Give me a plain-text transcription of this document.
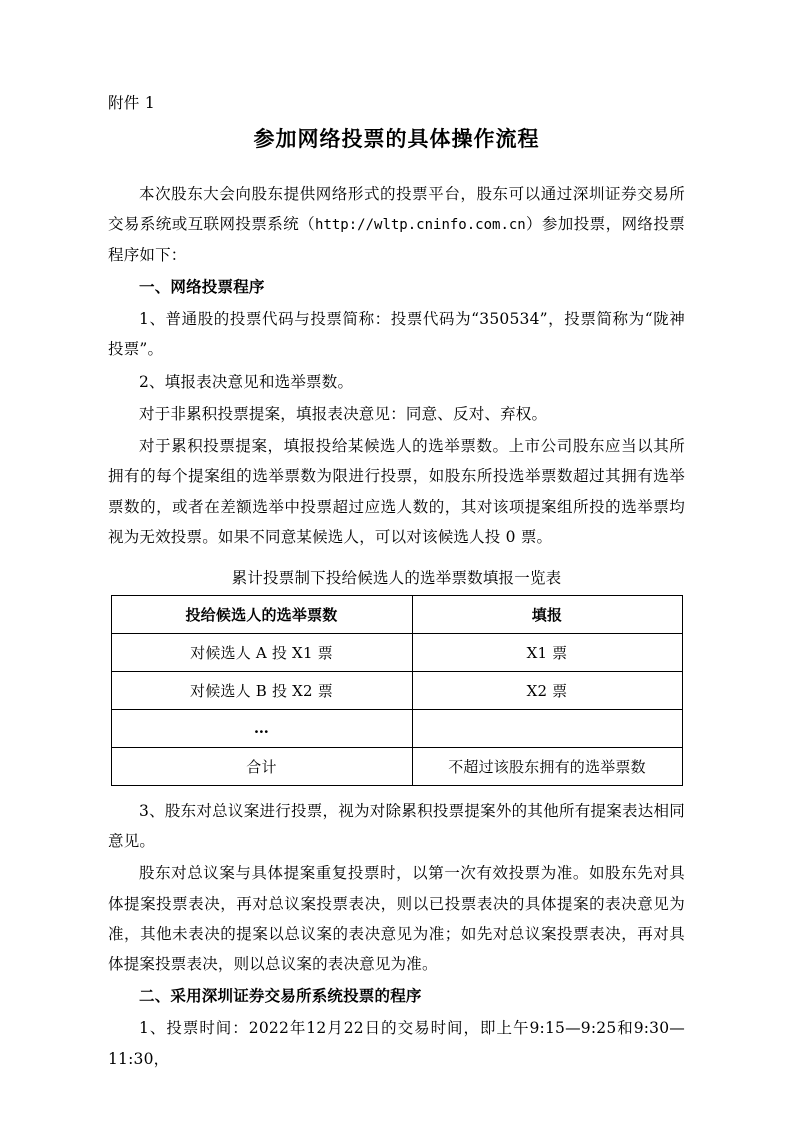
附件 1

参加网络投票的具体操作流程

本次股东大会向股东提供网络形式的投票平台，股东可以通过深圳证券交易所交易系统或互联网投票系统（http://wltp.cninfo.com.cn）参加投票，网络投票程序如下：

一、网络投票程序

1、普通股的投票代码与投票简称：投票代码为“350534”，投票简称为“陇神投票”。

2、填报表决意见和选举票数。

对于非累积投票提案，填报表决意见：同意、反对、弃权。

对于累积投票提案，填报投给某候选人的选举票数。上市公司股东应当以其所拥有的每个提案组的选举票数为限进行投票，如股东所投选举票数超过其拥有选举票数的，或者在差额选举中投票超过应选人数的，其对该项提案组所投的选举票均视为无效投票。如果不同意某候选人，可以对该候选人投 0 票。

累计投票制下投给候选人的选举票数填报一览表

投给候选人的选举票数	填报
对候选人 A 投 X1 票	X1 票
对候选人 B 投 X2 票	X2 票
…	
合计	不超过该股东拥有的选举票数

3、股东对总议案进行投票，视为对除累积投票提案外的其他所有提案表达相同意见。

股东对总议案与具体提案重复投票时，以第一次有效投票为准。如股东先对具体提案投票表决，再对总议案投票表决，则以已投票表决的具体提案的表决意见为准，其他未表决的提案以总议案的表决意见为准；如先对总议案投票表决，再对具体提案投票表决，则以总议案的表决意见为准。

二、采用深圳证券交易所系统投票的程序

1、投票时间：2022年12月22日的交易时间，即上午9:15—9:25和9:30—11:30，
